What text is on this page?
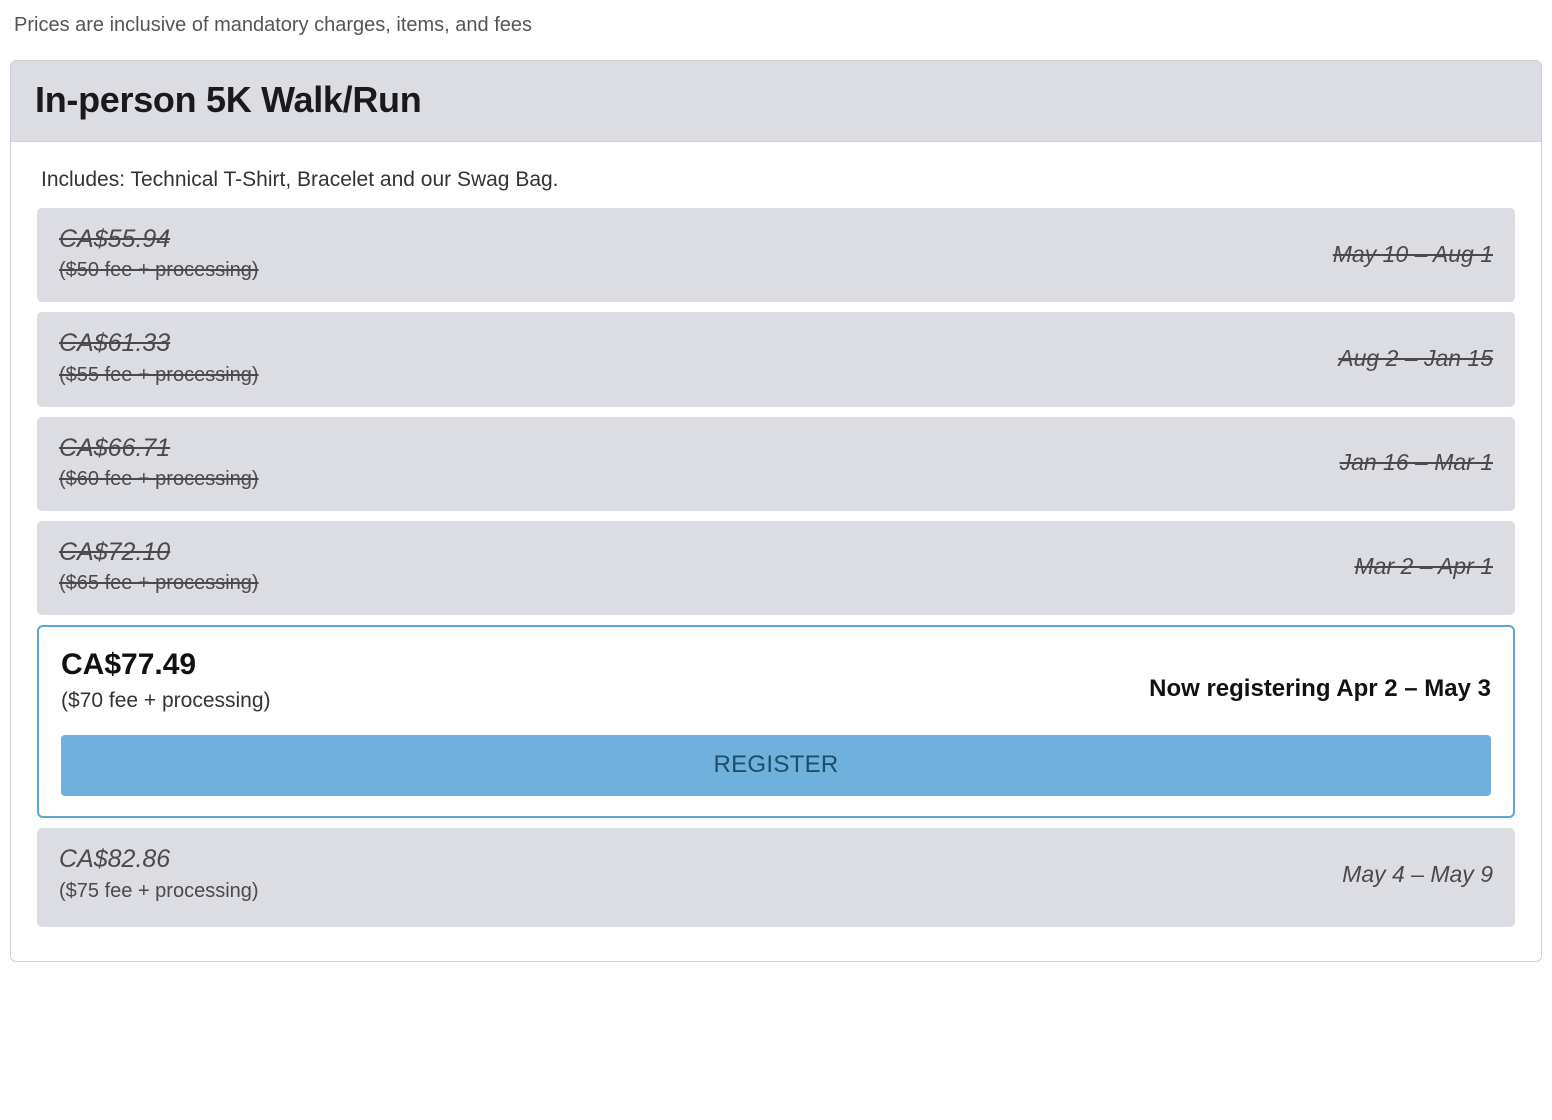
Prices are inclusive of mandatory charges, items, and fees
In-person 5K Walk/Run
Includes: Technical T-Shirt, Bracelet and our Swag Bag.
CA$55.94
($50 fee + processing)
May 10 – Aug 1
CA$61.33
($55 fee + processing)
Aug 2 – Jan 15
CA$66.71
($60 fee + processing)
Jan 16 – Mar 1
CA$72.10
($65 fee + processing)
Mar 2 – Apr 1
CA$77.49
($70 fee + processing)	Now registering Apr 2 – May 3
REGISTER
CA$82.86
($75 fee + processing)
May 4 – May 9
